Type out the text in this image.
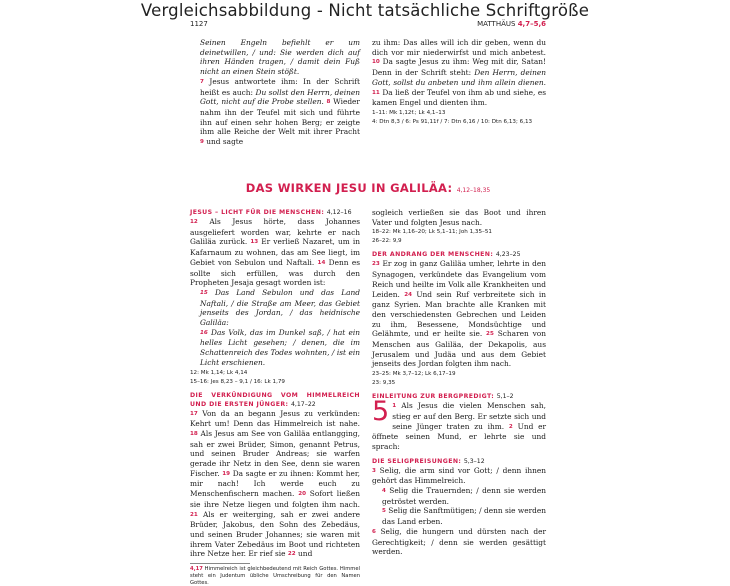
Vergleichsabbildung - Nicht tatsächliche Schriftgröße
1127	MATTHÄUS 4,7–5,6

Seinen Engeln befiehlt er um deinetwillen, / und: Sie werden dich auf ihren Händen tragen, / damit dein Fuß nicht an einen Stein stößt.

7 Jesus antwortete ihm: In der Schrift heißt es auch: Du sollst den Herrn, deinen Gott, nicht auf die Probe stellen. 8 Wieder nahm ihn der Teufel mit sich und führte ihn auf einen sehr hohen Berg; er zeigte ihm alle Reiche der Welt mit ihrer Pracht 9 und sagte

zu ihm: Das alles will ich dir geben, wenn du dich vor mir niederwirfst und mich anbetest. 10 Da sagte Jesus zu ihm: Weg mit dir, Satan! Denn in der Schrift steht: Den Herrn, deinen Gott, sollst du anbeten und ihm allein dienen. 11 Da ließ der Teufel von ihm ab und siehe, es kamen Engel und dienten ihm.

1–11: Mk 1,12f.; Lk 4,1–13
4: Dtn 8,3 / 6: Ps 91,11f / 7: Dtn 6,16 / 10: Dtn 6,13; 6,13
DAS WIRKEN JESU IN GALILÄA: 4,12–18,35
JESUS – LICHT FÜR DIE MENSCHEN: 4,12–16

12 Als Jesus hörte, dass Johannes ausgeliefert worden war, kehrte er nach Galiläa zurück. 13 Er verließ Nazaret, um in Kafarnaum zu wohnen, das am See liegt, im Gebiet von Sebulon und Naftali. 14 Denn es sollte sich erfüllen, was durch den Propheten Jesaja gesagt worden ist:

15 Das Land Sebulon und das Land Naftali, / die Straße am Meer, das Gebiet jenseits des Jordan, / das heidnische Galiläa:

16 Das Volk, das im Dunkel saß, / hat ein helles Licht gesehen; / denen, die im Schattenreich des Todes wohnten, / ist ein Licht erschienen.

12: Mk 1,14; Lk 4,14
15–16: Jes 8,23 – 9,1 / 16: Lk 1,79
DIE VERKÜNDIGUNG VOM HIMMELREICH UND DIE ERSTEN JÜNGER: 4,17–22

17 Von da an begann Jesus zu verkünden: Kehrt um! Denn das Himmelreich ist nahe. 18 Als Jesus am See von Galiläa entlangging, sah er zwei Brüder, Simon, genannt Petrus, und seinen Bruder Andreas; sie warfen gerade ihr Netz in den See, denn sie waren Fischer. 19 Da sagte er zu ihnen: Kommt her, mir nach! Ich werde euch zu Menschenfischern machen. 20 Sofort ließen sie ihre Netze liegen und folgten ihm nach. 21 Als er weiterging, sah er zwei andere Brüder, Jakobus, den Sohn des Zebedäus, und seinen Bruder Johannes; sie waren mit ihrem Vater Zebedäus im Boot und richteten ihre Netze her. Er rief sie 22 und

4,17 Himmelreich ist gleichbedeutend mit Reich Gottes. Himmel steht ein Judentum übliche Umschreibung für den Namen Gottes.

sogleich verließen sie das Boot und ihren Vater und folgten Jesus nach.

18–22: Mk 1,16–20; Lk 5,1–11; Joh 1,35–51
26–22: 9,9
DER ANDRANG DER MENSCHEN: 4,23–25

23 Er zog in ganz Galiläa umher, lehrte in den Synagogen, verkündete das Evangelium vom Reich und heilte im Volk alle Krankheiten und Leiden. 24 Und sein Ruf verbreitete sich in ganz Syrien. Man brachte alle Kranken mit den verschiedensten Gebrechen und Leiden zu ihm, Besessene, Mondsüchtige und Gelähmte, und er heilte sie. 25 Scharen von Menschen aus Galiläa, der Dekapolis, aus Jerusalem und Judäa und aus dem Gebiet jenseits des Jordan folgten ihm nach.

23–25: Mk 3,7–12; Lk 6,17–19
23: 9,35
EINLEITUNG ZUR BERGPREDIGT: 5,1–2

5 1 Als Jesus die vielen Menschen sah, stieg er auf den Berg. Er setzte sich und seine Jünger traten zu ihm. 2 Und er öffnete seinen Mund, er lehrte sie und sprach:

DIE SELIGPREISUNGEN: 5,3–12

3 Selig, die arm sind vor Gott; / denn ihnen gehört das Himmelreich.

4 Selig die Trauernden; / denn sie werden getröstet werden.

5 Selig die Sanftmütigen; / denn sie werden das Land erben.

6 Selig, die hungern und dürsten nach der Gerechtigkeit; / denn sie werden gesättigt werden.
